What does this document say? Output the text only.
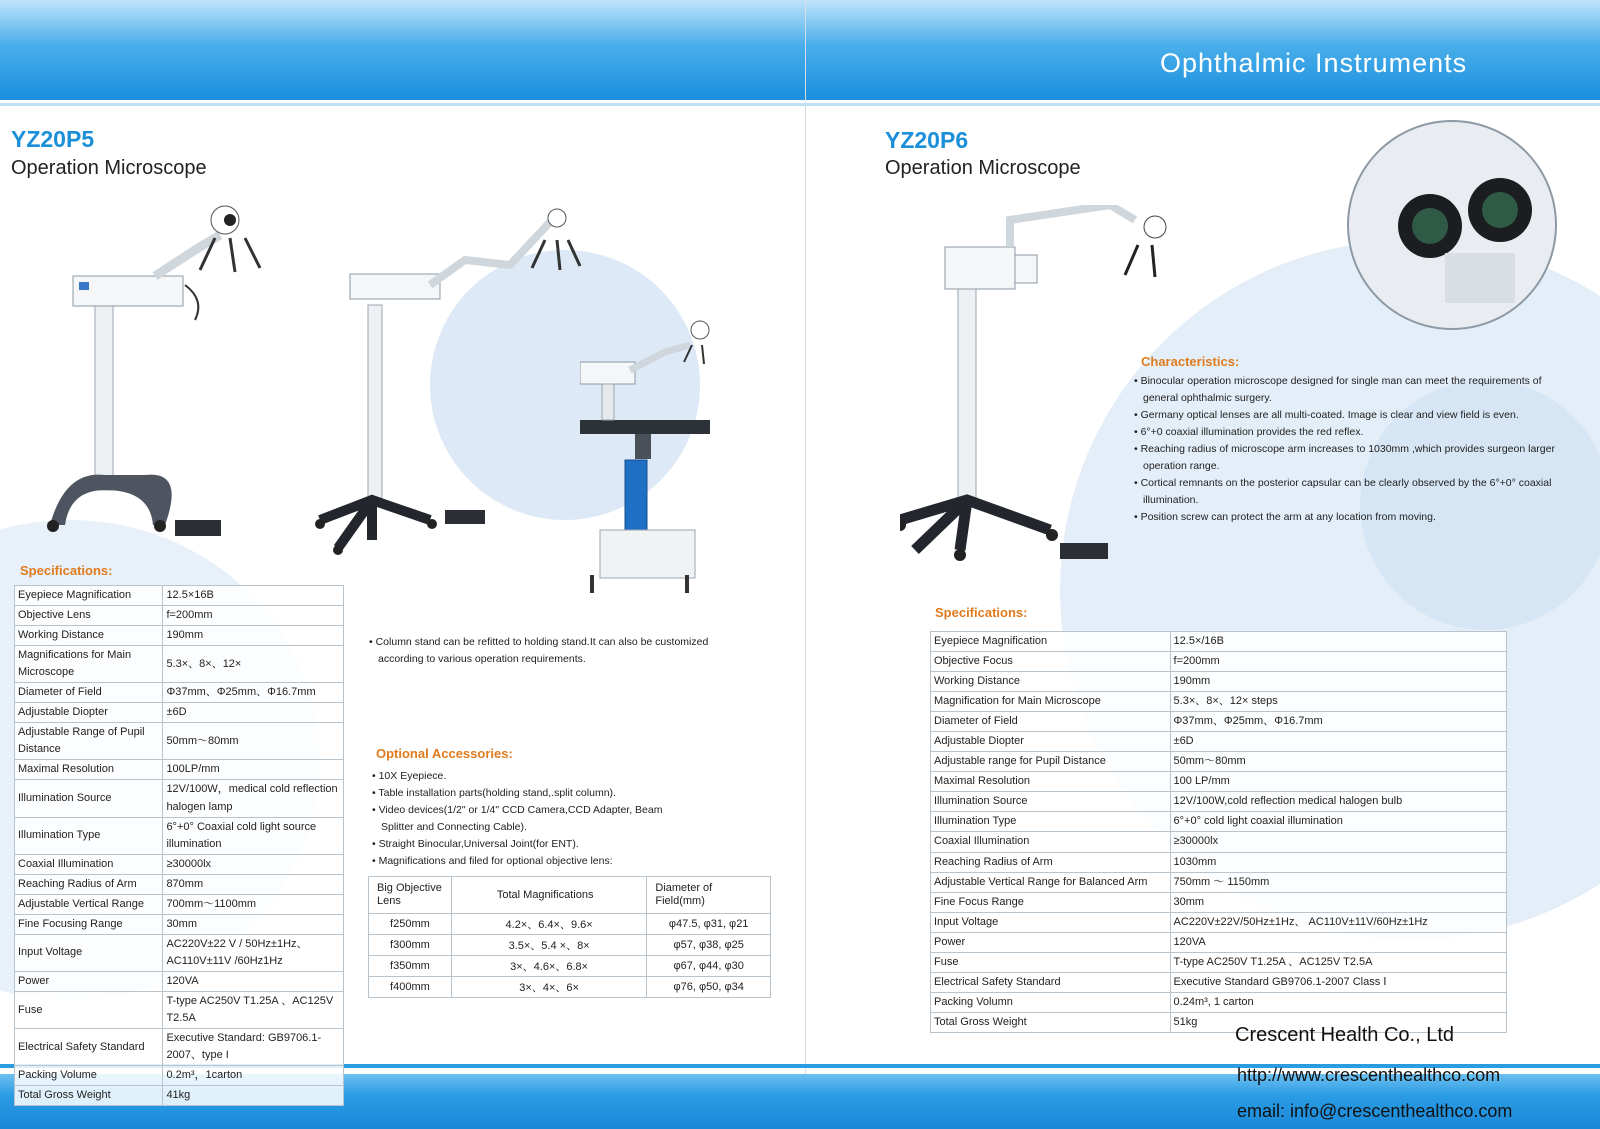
Ophthalmic Instruments
YZ20P5
Operation Microscope
Specifications:
Eyepiece Magnification	12.5×16B
Objective Lens	f=200mm
Working Distance	190mm
Magnifications for Main Microscope	5.3×、8×、12×
Diameter of Field	Φ37mm、Φ25mm、Φ16.7mm
Adjustable Diopter	±6D
Adjustable Range of Pupil Distance	50mm～80mm
Maximal Resolution	100LP/mm
Illumination Source	12V/100W，medical cold reflection halogen lamp
Illumination Type	6°+0° Coaxial cold light source illumination
Coaxial Illumination	≥30000lx
Reaching Radius of Arm	870mm
Adjustable Vertical Range	700mm～1100mm
Fine Focusing Range	30mm
Input Voltage	AC220V±22 V / 50Hz±1Hz、AC110V±11V /60Hz1Hz
Power	120VA
Fuse	T-type AC250V T1.25A 、AC125V T2.5A
Electrical Safety Standard	Executive Standard: GB9706.1-2007、type I
Packing Volume	0.2m³，1carton
Total Gross Weight	41kg
• Column stand can be refitted to holding stand.It can also be customized according to various operation requirements.
Optional Accessories:
• 10X Eyepiece.
• Table installation parts(holding stand,.split column).
• Video devices(1/2" or 1/4" CCD Camera,CCD Adapter, Beam Splitter and Connecting Cable).
• Straight Binocular,Universal Joint(for ENT).
• Magnifications and filed for optional objective lens:
Big Objective Lens	Total Magnifications	Diameter of Field(mm)
f250mm	4.2×、6.4×、9.6×	φ47.5, φ31, φ21
f300mm	3.5×、5.4 ×、8×	φ57, φ38, φ25
f350mm	3×、4.6×、6.8×	φ67, φ44, φ30
f400mm	3×、4×、6×	φ76, φ50, φ34
YZ20P6
Operation Microscope
Characteristics:
• Binocular operation microscope designed for single man can meet the requirements of general ophthalmic surgery.
• Germany optical lenses are all multi-coated. Image is clear and view field is even.
• 6°+0 coaxial illumination provides the red reflex.
• Reaching radius of microscope arm increases to 1030mm ,which provides surgeon larger operation range.
• Cortical remnants on the posterior capsular can be clearly observed by the 6°+0° coaxial illumination.
• Position screw can protect the arm at any location from moving.
Specifications:
Eyepiece Magnification	12.5×/16B
Objective Focus	f=200mm
Working Distance	190mm
Magnification for Main Microscope	5.3×、8×、12× steps
Diameter of Field	Φ37mm、Φ25mm、Φ16.7mm
Adjustable Diopter	±6D
Adjustable range for Pupil Distance	50mm～80mm
Maximal Resolution	100 LP/mm
Illumination Source	12V/100W,cold reflection medical halogen bulb
Illumination Type	6°+0° cold light coaxial illumination
Coaxial Illumination	≥30000lx
Reaching Radius of Arm	1030mm
Adjustable Vertical Range for Balanced Arm	750mm ～ 1150mm
Fine Focus Range	30mm
Input Voltage	AC220V±22V/50Hz±1Hz、 AC110V±11V/60Hz±1Hz
Power	120VA
Fuse	T-type AC250V T1.25A 、AC125V T2.5A
Electrical Safety Standard	Executive Standard GB9706.1-2007 Class Ⅰ
Packing Volumn	0.24m³, 1 carton
Total Gross Weight	51kg
Crescent Health Co., Ltd
http://www.crescenthealthco.com
email: info@crescenthealthco.com
